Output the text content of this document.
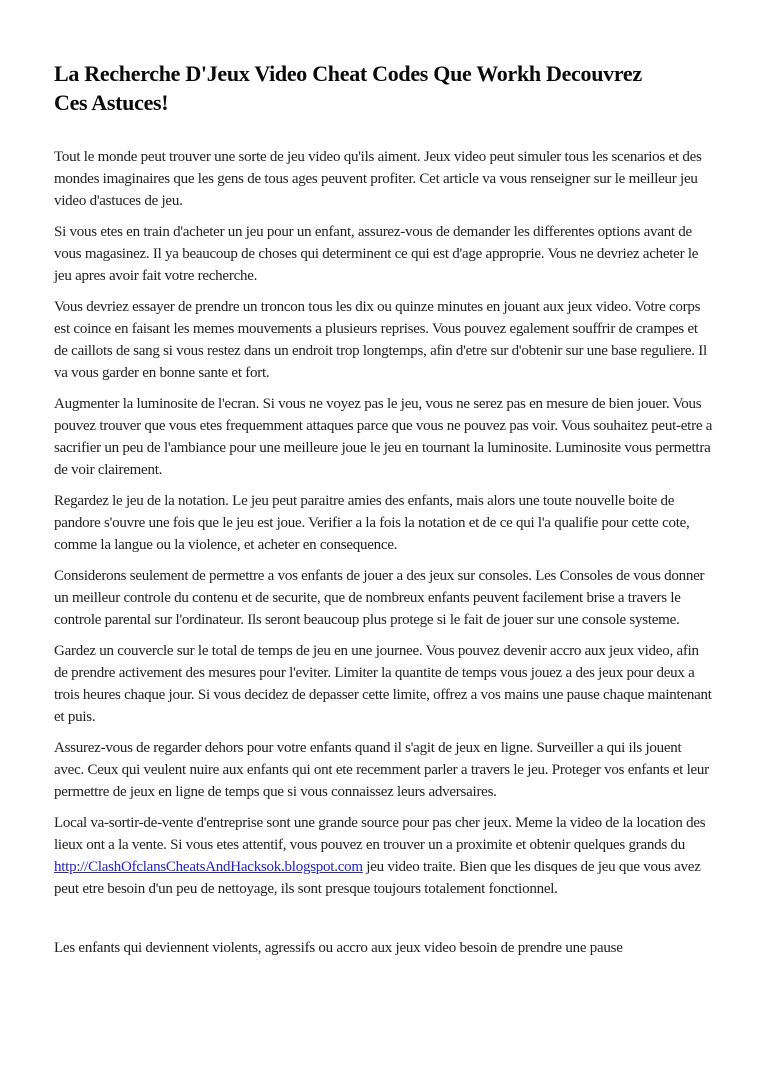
La Recherche D'Jeux Video Cheat Codes Que Workh Decouvrez Ces Astuces!

Tout le monde peut trouver une sorte de jeu video qu'ils aiment. Jeux video peut simuler tous les scenarios et des mondes imaginaires que les gens de tous ages peuvent profiter. Cet article va vous renseigner sur le meilleur jeu video d'astuces de jeu.

Si vous etes en train d'acheter un jeu pour un enfant, assurez-vous de demander les differentes options avant de vous magasinez. Il ya beaucoup de choses qui determinent ce qui est d'age approprie. Vous ne devriez acheter le jeu apres avoir fait votre recherche.

Vous devriez essayer de prendre un troncon tous les dix ou quinze minutes en jouant aux jeux video. Votre corps est coince en faisant les memes mouvements a plusieurs reprises. Vous pouvez egalement souffrir de crampes et de caillots de sang si vous restez dans un endroit trop longtemps, afin d'etre sur d'obtenir sur une base reguliere. Il va vous garder en bonne sante et fort.

Augmenter la luminosite de l'ecran. Si vous ne voyez pas le jeu, vous ne serez pas en mesure de bien jouer. Vous pouvez trouver que vous etes frequemment attaques parce que vous ne pouvez pas voir. Vous souhaitez peut-etre a sacrifier un peu de l'ambiance pour une meilleure joue le jeu en tournant la luminosite. Luminosite vous permettra de voir clairement.

Regardez le jeu de la notation. Le jeu peut paraitre amies des enfants, mais alors une toute nouvelle boite de pandore s'ouvre une fois que le jeu est joue. Verifier a la fois la notation et de ce qui l'a qualifie pour cette cote, comme la langue ou la violence, et acheter en consequence.

Considerons seulement de permettre a vos enfants de jouer a des jeux sur consoles. Les Consoles de vous donner un meilleur controle du contenu et de securite, que de nombreux enfants peuvent facilement brise a travers le controle parental sur l'ordinateur. Ils seront beaucoup plus protege si le fait de jouer sur une console systeme.

Gardez un couvercle sur le total de temps de jeu en une journee. Vous pouvez devenir accro aux jeux video, afin de prendre activement des mesures pour l'eviter. Limiter la quantite de temps vous jouez a des jeux pour deux a trois heures chaque jour. Si vous decidez de depasser cette limite, offrez a vos mains une pause chaque maintenant et puis.

Assurez-vous de regarder dehors pour votre enfants quand il s'agit de jeux en ligne. Surveiller a qui ils jouent avec. Ceux qui veulent nuire aux enfants qui ont ete recemment parler a travers le jeu. Proteger vos enfants et leur permettre de jeux en ligne de temps que si vous connaissez leurs adversaires.

Local va-sortir-de-vente d'entreprise sont une grande source pour pas cher jeux. Meme la video de la location des lieux ont a la vente. Si vous etes attentif, vous pouvez en trouver un a proximite et obtenir quelques grands du http://ClashOfclansCheatsAndHacksok.blogspot.com jeu video traite. Bien que les disques de jeu que vous avez peut etre besoin d'un peu de nettoyage, ils sont presque toujours totalement fonctionnel.

Les enfants qui deviennent violents, agressifs ou accro aux jeux video besoin de prendre une pause
